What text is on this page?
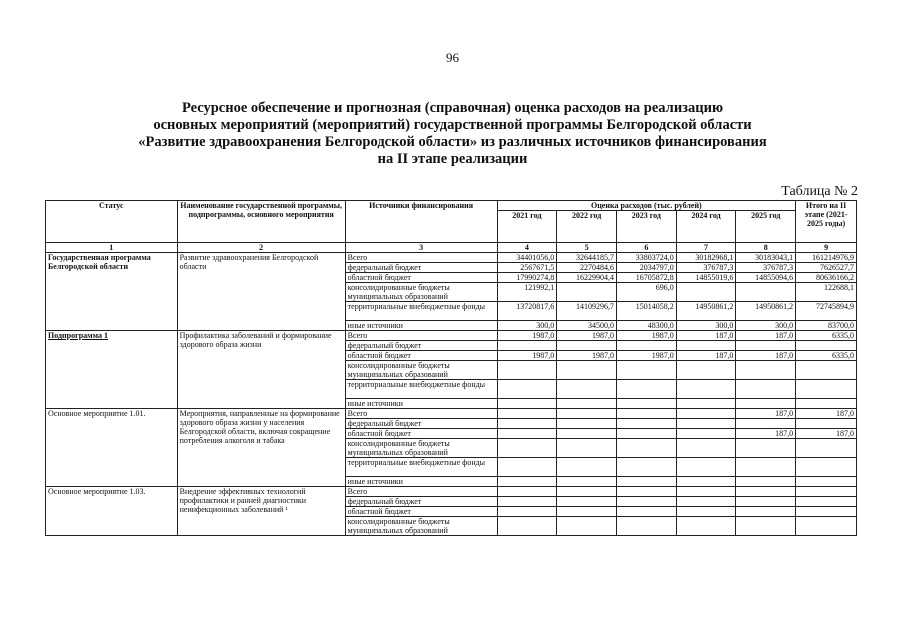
96
Ресурсное обеспечение и прогнозная (справочная) оценка расходов на реализацию
основных мероприятий (мероприятий) государственной программы Белгородской области
«Развитие здравоохранения Белгородской области» из различных источников финансирования
на II этапе реализации
Таблица № 2
Статус	Наименование государственной программы, подпрограммы, основного мероприятия	Источники финансирования	Оценка расходов (тыс. рублей)					Итого на II этапе (2021-2025 годы)
			2021 год	2022 год	2023 год	2024 год	2025 год	
1	2	3	4	5	6	7	8	9
Государственная программа Белгородской области	Развитие здравоохранения Белгородской области	Всего	34401056,0	32644185,7	33803724,0	30182968,1	30183043,1	161214976,9
		федеральный бюджет	2567671,5	2270484,6	2034797,0	376787,3	376787,3	7626527,7
		областной бюджет	17990274,8	16229904,4	16705872,8	14855019,6	14855094,6	80636166,2
		консолидированные бюджеты муниципальных образований	121992,1		696,0			122688,1
		территориальные внебюджетные фонды	13720817,6	14109296,7	15014058,2	14950861,2	14950861,2	72745894,9
		иные источники	300,0	34500,0	48300,0	300,0	300,0	83700,0
Подпрограмма 1	Профилактика заболеваний и формирование здорового образа жизни	Всего	1987,0	1987,0	1987,0	187,0	187,0	6335,0
		федеральный бюджет						
		областной бюджет	1987,0	1987,0	1987,0	187,0	187,0	6335,0
		консолидированные бюджеты муниципальных образований						
		территориальные внебюджетные фонды						
		иные источники						
Основное мероприятие 1.01.	Мероприятия, направленные на формирование здорового образа жизни у населения Белгородской области, включая сокращение потребления алкоголя и табака	Всего					187,0	187,0
		федеральный бюджет						
		областной бюджет					187,0	187,0
		консолидированные бюджеты муниципальных образований						
		территориальные внебюджетные фонды						
		иные источники						
Основное мероприятие 1.03.	Внедрение эффективных технологий профилактики и ранней диагностики неинфекционных заболеваний ¹	Всего						
		федеральный бюджет						
		областной бюджет						
		консолидированные бюджеты муниципальных образований						
